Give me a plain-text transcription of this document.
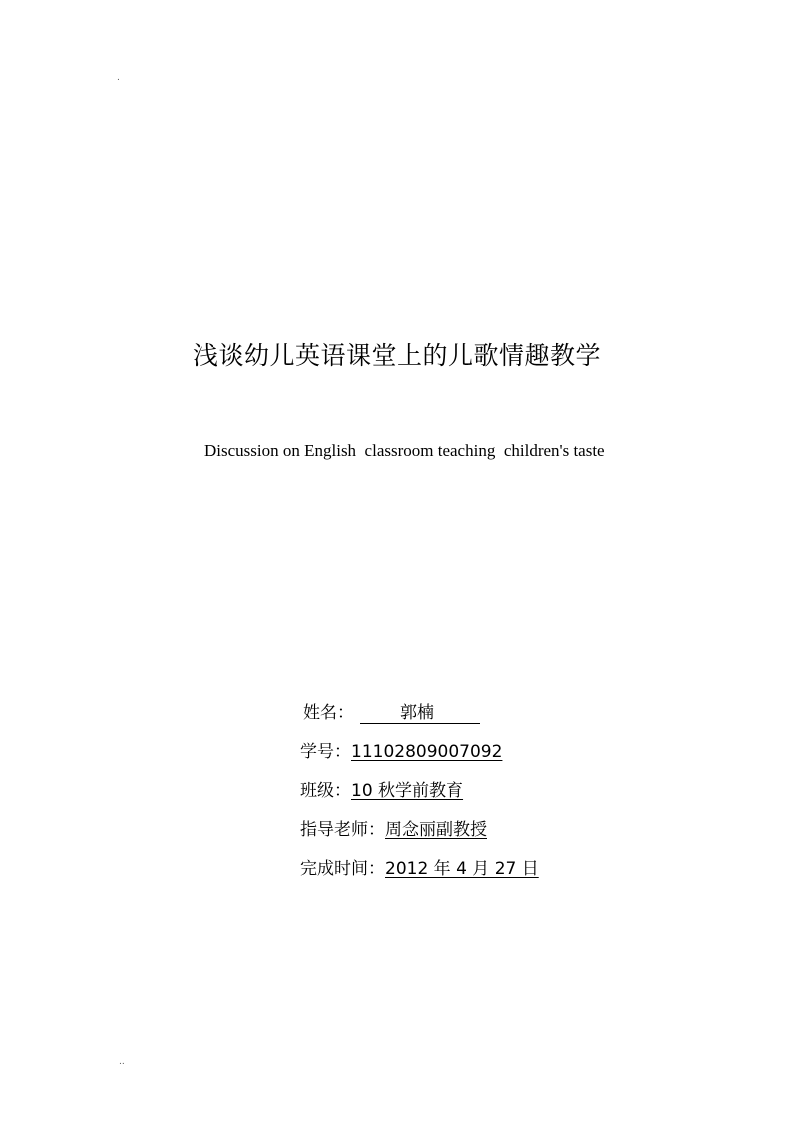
.
浅谈幼儿英语课堂上的儿歌情趣教学
Discussion on English  classroom teaching  children's taste
姓名：	郭楠
学号：11102809007092
班级：10 秋学前教育
指导老师：周念丽副教授
完成时间：2012 年 4 月 27 日
..
